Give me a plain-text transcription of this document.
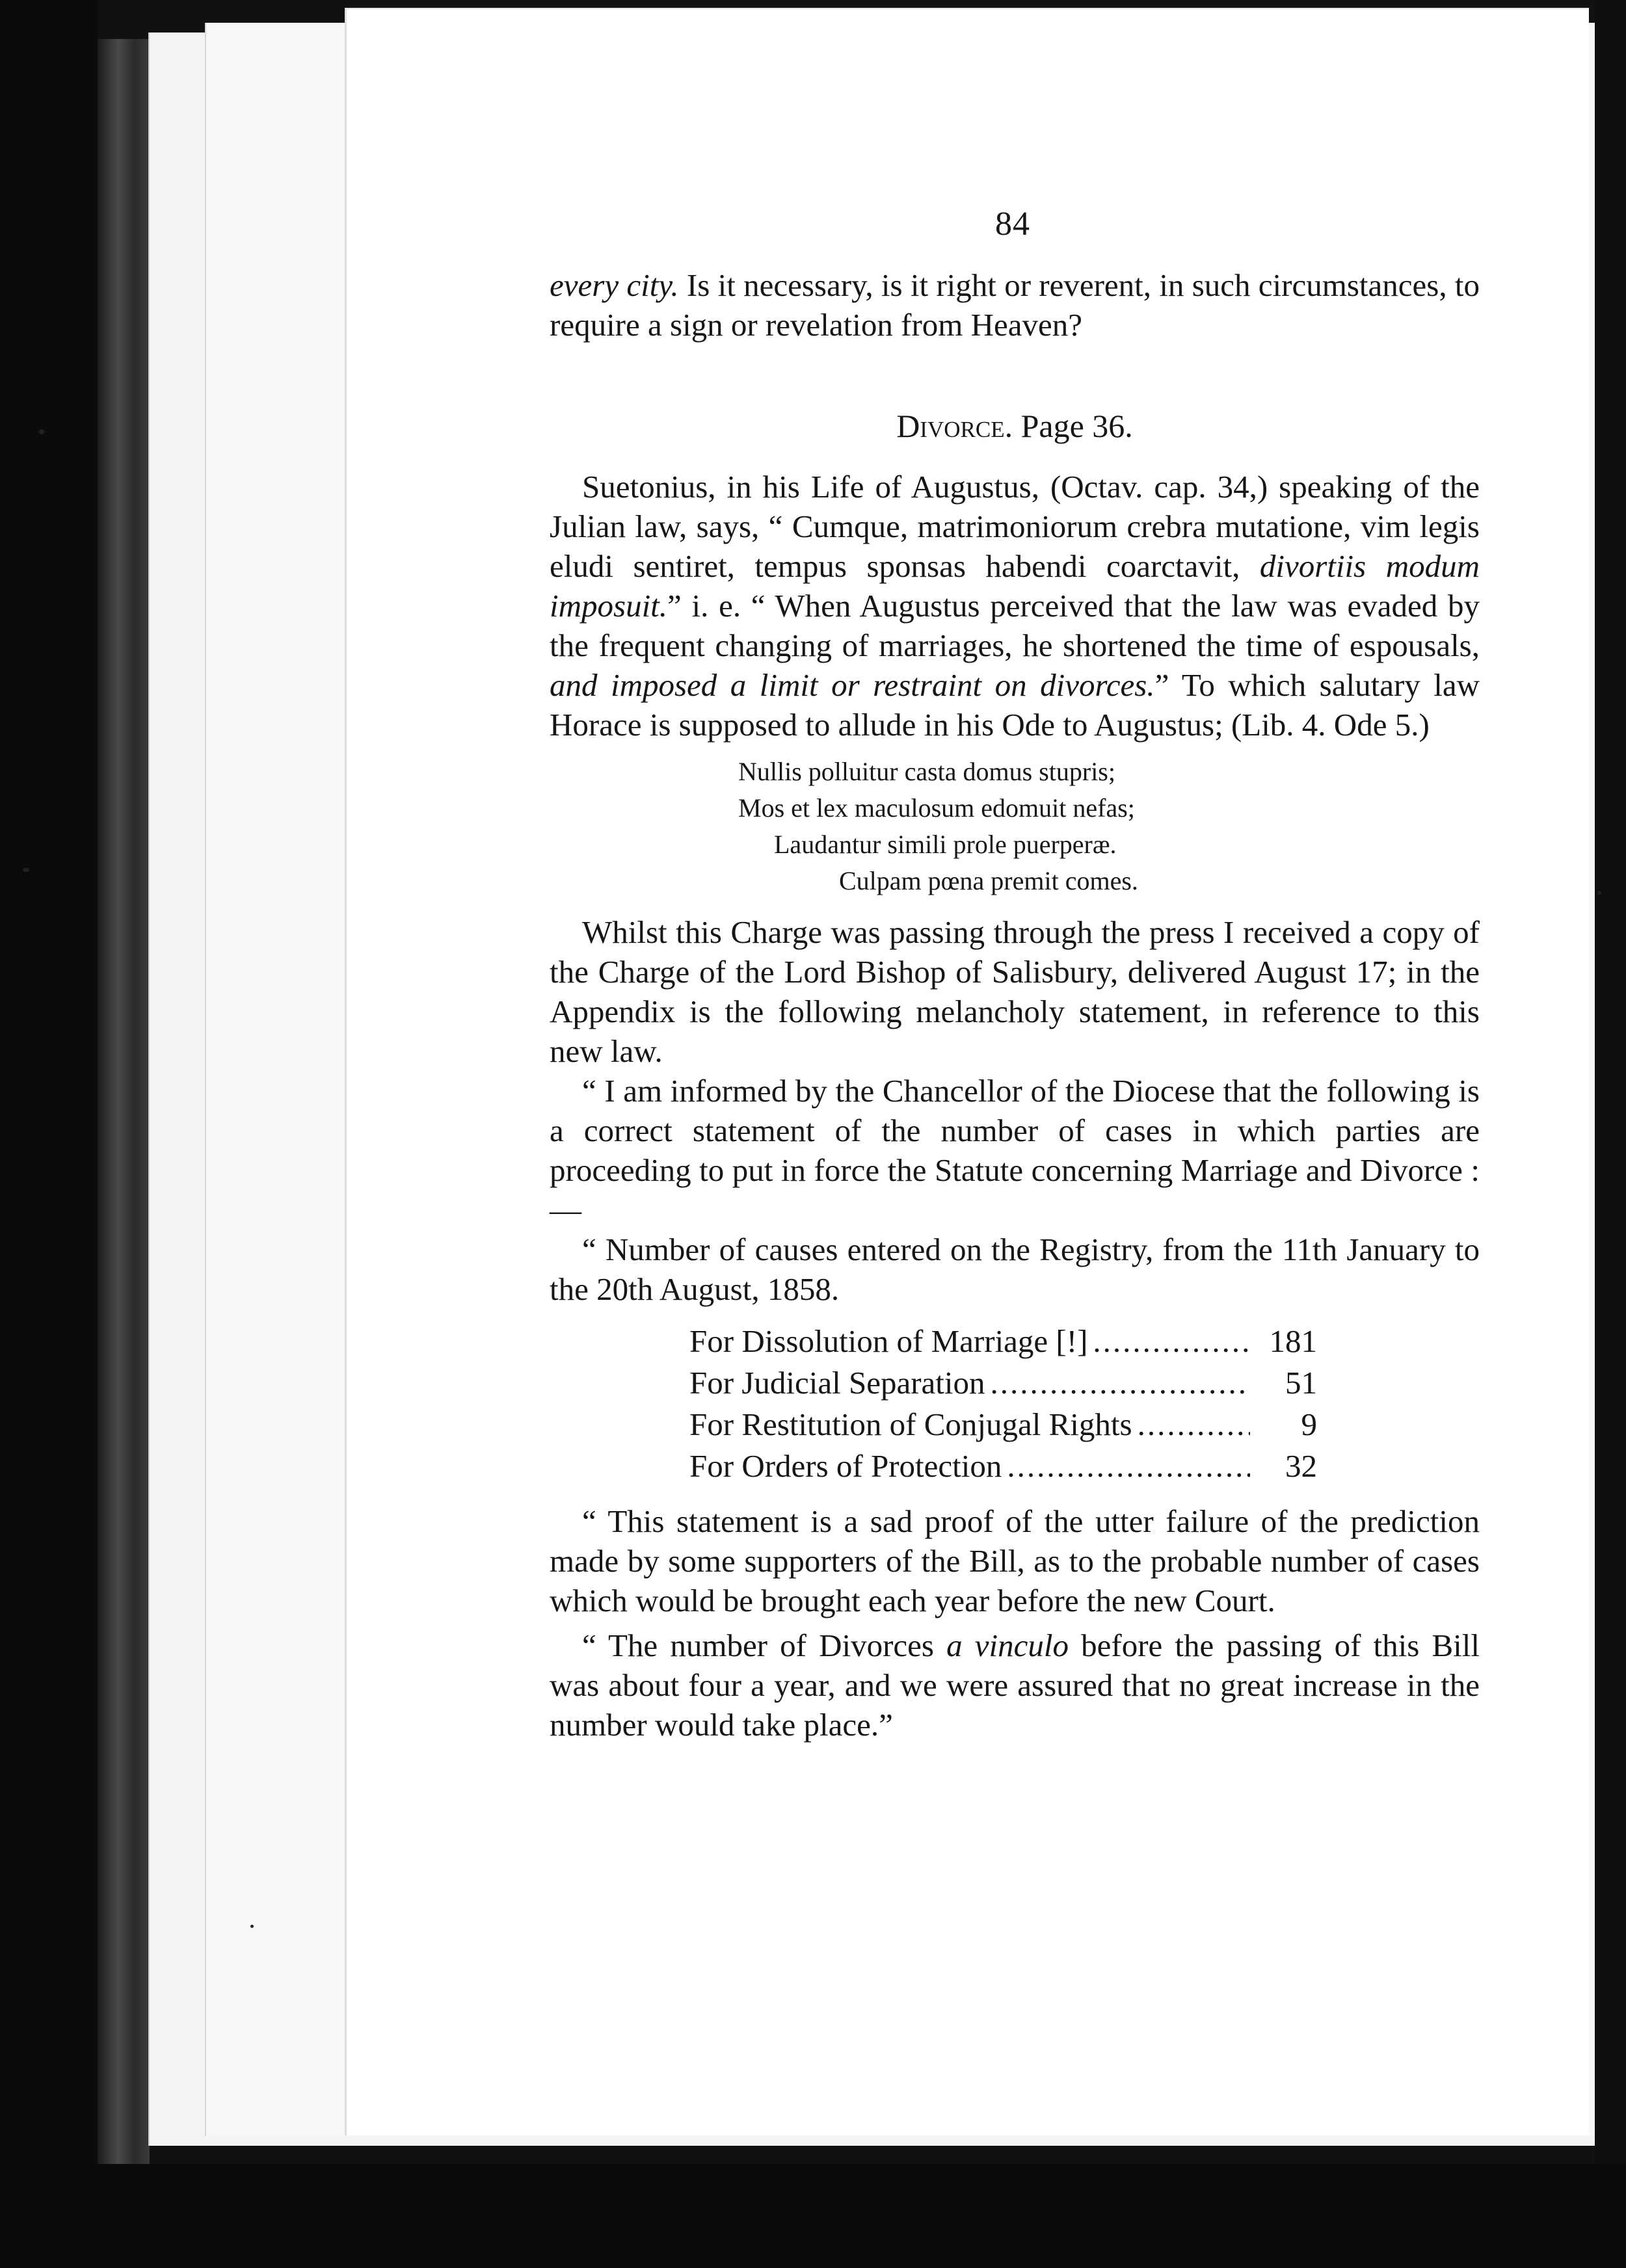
84

every city. Is it necessary, is it right or reverent, in such circumstances, to require a sign or revelation from Heaven?

Divorce. Page 36.

Suetonius, in his Life of Augustus, (Octav. cap. 34,) speaking of the Julian law, says, “ Cumque, matrimoniorum crebra mutatione, vim legis eludi sentiret, tempus sponsas habendi coarctavit, divortiis modum imposuit.” i. e. “ When Augustus perceived that the law was evaded by the frequent changing of marriages, he shortened the time of espousals, and imposed a limit or restraint on divorces.” To which salutary law Horace is supposed to allude in his Ode to Augustus; (Lib. 4. Ode 5.)

Nullis polluitur casta domus stupris;
Mos et lex maculosum edomuit nefas;
Laudantur simili prole puerperæ.
Culpam pœna premit comes.

Whilst this Charge was passing through the press I received a copy of the Charge of the Lord Bishop of Salisbury, delivered August 17; in the Appendix is the following melancholy statement, in reference to this new law.

“ I am informed by the Chancellor of the Diocese that the following is a correct statement of the number of cases in which parties are proceeding to put in force the Statute concerning Marriage and Divorce :—

“ Number of causes entered on the Registry, from the 11th January to the 20th August, 1858.

For Dissolution of Marriage [!] .....	181
For Judicial Separation .....	51
For Restitution of Conjugal Rights .....	9
For Orders of Protection .....	32

“ This statement is a sad proof of the utter failure of the prediction made by some supporters of the Bill, as to the probable number of cases which would be brought each year before the new Court.

“ The number of Divorces a vinculo before the passing of this Bill was about four a year, and we were assured that no great increase in the number would take place.”
